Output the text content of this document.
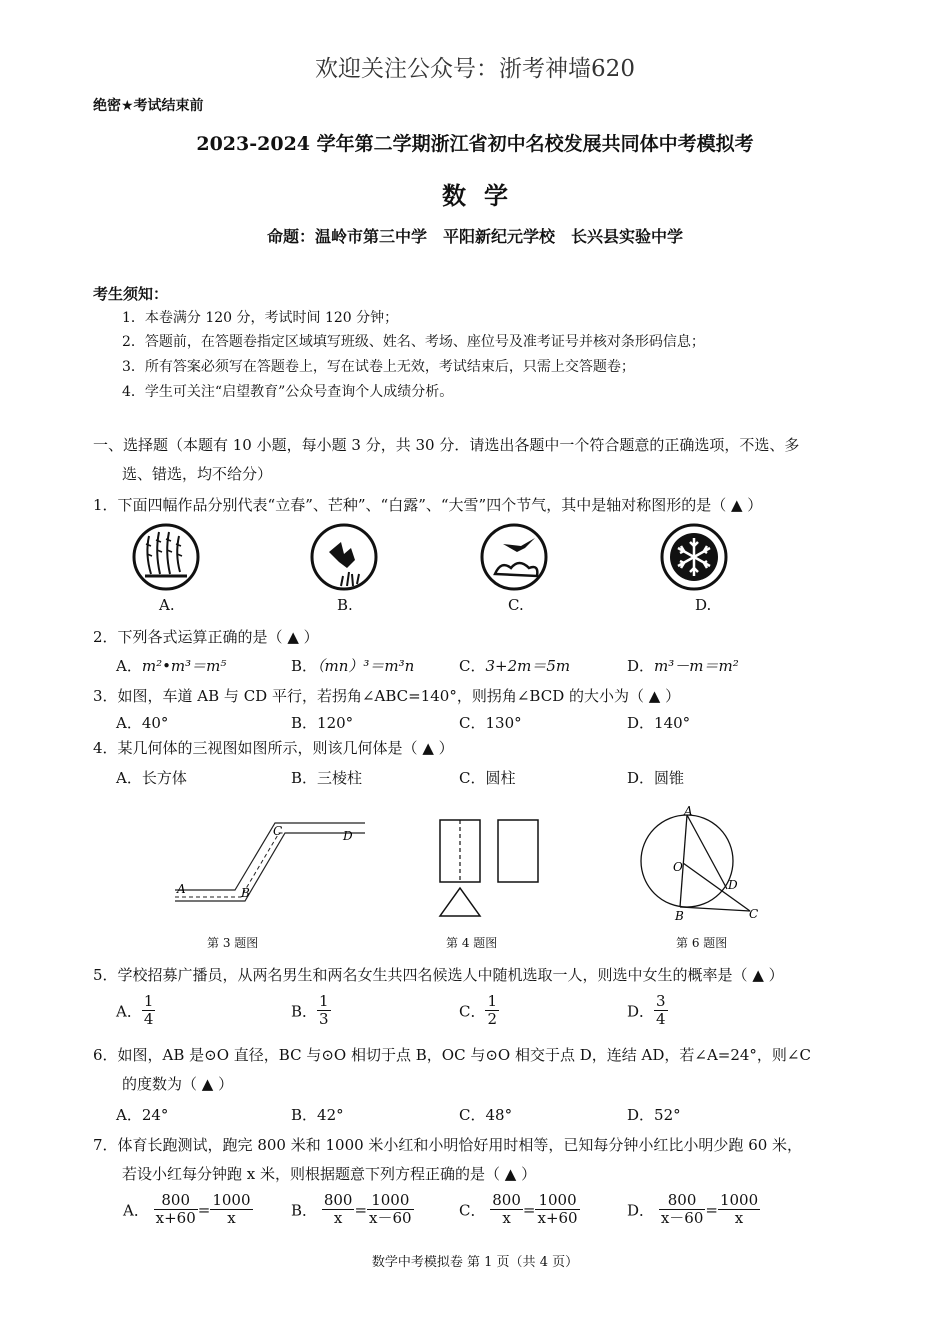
欢迎关注公众号：浙考神墙620
绝密★考试结束前
2023-2024 学年第二学期浙江省初中名校发展共同体中考模拟考
数学
命题：温岭市第三中学　平阳新纪元学校　长兴县实验中学
考生须知：
1．本卷满分 120 分，考试时间 120 分钟；
2．答题前，在答题卷指定区域填写班级、姓名、考场、座位号及准考证号并核对条形码信息；
3．所有答案必须写在答题卷上，写在试卷上无效，考试结束后，只需上交答题卷；
4．学生可关注“启望教育”公众号查询个人成绩分析。
一、选择题（本题有 10 小题，每小题 3 分，共 30 分．请选出各题中一个符合题意的正确选项，不选、多
选、错选，均不给分）
1．下面四幅作品分别代表“立春”、芒种”、“白露”、“大雪”四个节气，其中是轴对称图形的是（ ▲ ）
A.	B.	C.	D.
2．下列各式运算正确的是（ ▲ ）
A．m²•m³＝m⁵	B．（mn）³＝m³n	C．3+2m＝5m	D．m³－m＝m²
3．如图，车道 AB 与 CD 平行，若拐角∠ABC=140°，则拐角∠BCD 的大小为（ ▲ ）
A．40°	B．120°	C．130°	D．140°
4．某几何体的三视图如图所示，则该几何体是（ ▲ ）
A．长方体	B．三棱柱	C．圆柱	D．圆锥
A	B
C	D
第 3 题图	第 4 题图
A
O
D
B	C
第 6 题图
5．学校招募广播员，从两名男生和两名女生共四名候选人中随机选取一人，则选中女生的概率是（ ▲ ）
A． $\frac{1}{4}$	B． $\frac{1}{3}$	C． $\frac{1}{2}$	D． $\frac{3}{4}$
6．如图，AB 是⊙O 直径，BC 与⊙O 相切于点 B，OC 与⊙O 相交于点 D，连结 AD，若∠A=24°，则∠C
的度数为（ ▲ ）
A．24°	B．42°	C．48°	D．52°
7．体育长跑测试，跑完 800 米和 1000 米小红和小明恰好用时相等，已知每分钟小红比小明少跑 60 米，
若设小红每分钟跑 x 米，则根据题意下列方程正确的是（ ▲ ）
A． $\frac{800}{x+60} = \frac{1000}{x}$	B． $\frac{800}{x} = \frac{1000}{x-60}$	C． $\frac{800}{x} = \frac{1000}{x+60}$	D． $\frac{800}{x-60} = \frac{1000}{x}$
数学中考模拟卷 第 1 页（共 4 页）
